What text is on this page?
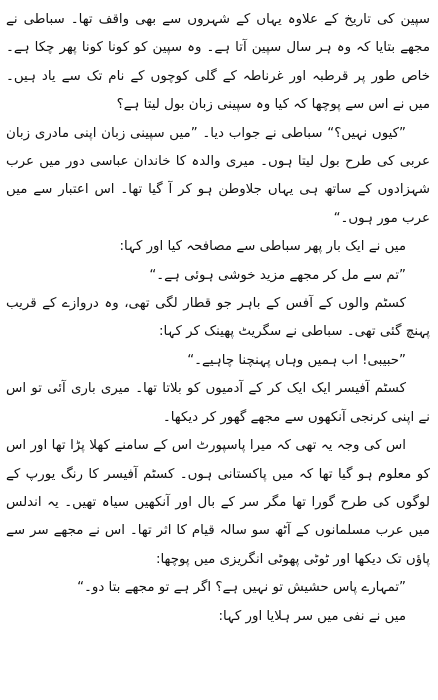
سپین کی تاریخ کے علاوہ یہاں کے شہروں سے بھی واقف تھا۔ سباطی نے مجھے بتایا کہ وہ ہر سال سپین آتا ہے۔ وہ سپین کو کونا کونا پھر چکا ہے۔ خاص طور پر قرطبہ اور غرناطہ کے گلی کوچوں کے نام تک سے یاد ہیں۔ میں نے اس سے پوچھا کہ کیا وہ سپینی زبان بول لیتا ہے؟

”کیوں نہیں؟“ سباطی نے جواب دیا۔ ”میں سپینی زبان اپنی مادری زبان عربی کی طرح بول لیتا ہوں۔ میری والدہ کا خاندان عباسی دور میں عرب شہزادوں کے ساتھ ہی یہاں جلاوطن ہو کر آ گیا تھا۔ اس اعتبار سے میں عرب مور ہوں۔“

میں نے ایک بار پھر سباطی سے مصافحہ کیا اور کہا:

”تم سے مل کر مجھے مزید خوشی ہوئی ہے۔“

کسٹم والوں کے آفس کے باہر جو قطار لگی تھی، وہ دروازے کے قریب پہنچ گئی تھی۔ سباطی نے سگریٹ پھینک کر کہا:

”حبیبی! اب ہمیں وہاں پہنچنا چاہیے۔“

کسٹم آفیسر ایک ایک کر کے آدمیوں کو بلاتا تھا۔ میری باری آئی تو اس نے اپنی کرنجی آنکھوں سے مجھے گھور کر دیکھا۔

اس کی وجہ یہ تھی کہ میرا پاسپورٹ اس کے سامنے کھلا پڑا تھا اور اس کو معلوم ہو گیا تھا کہ میں پاکستانی ہوں۔ کسٹم آفیسر کا رنگ یورپ کے لوگوں کی طرح گورا تھا مگر سر کے بال اور آنکھیں سیاہ تھیں۔ یہ اندلس میں عرب مسلمانوں کے آٹھ سو سالہ قیام کا اثر تھا۔ اس نے مجھے سر سے پاؤں تک دیکھا اور ٹوٹی پھوٹی انگریزی میں پوچھا:

”تمہارے پاس حشیش تو نہیں ہے؟ اگر ہے تو مجھے بتا دو۔“

میں نے نفی میں سر ہلایا اور کہا:
